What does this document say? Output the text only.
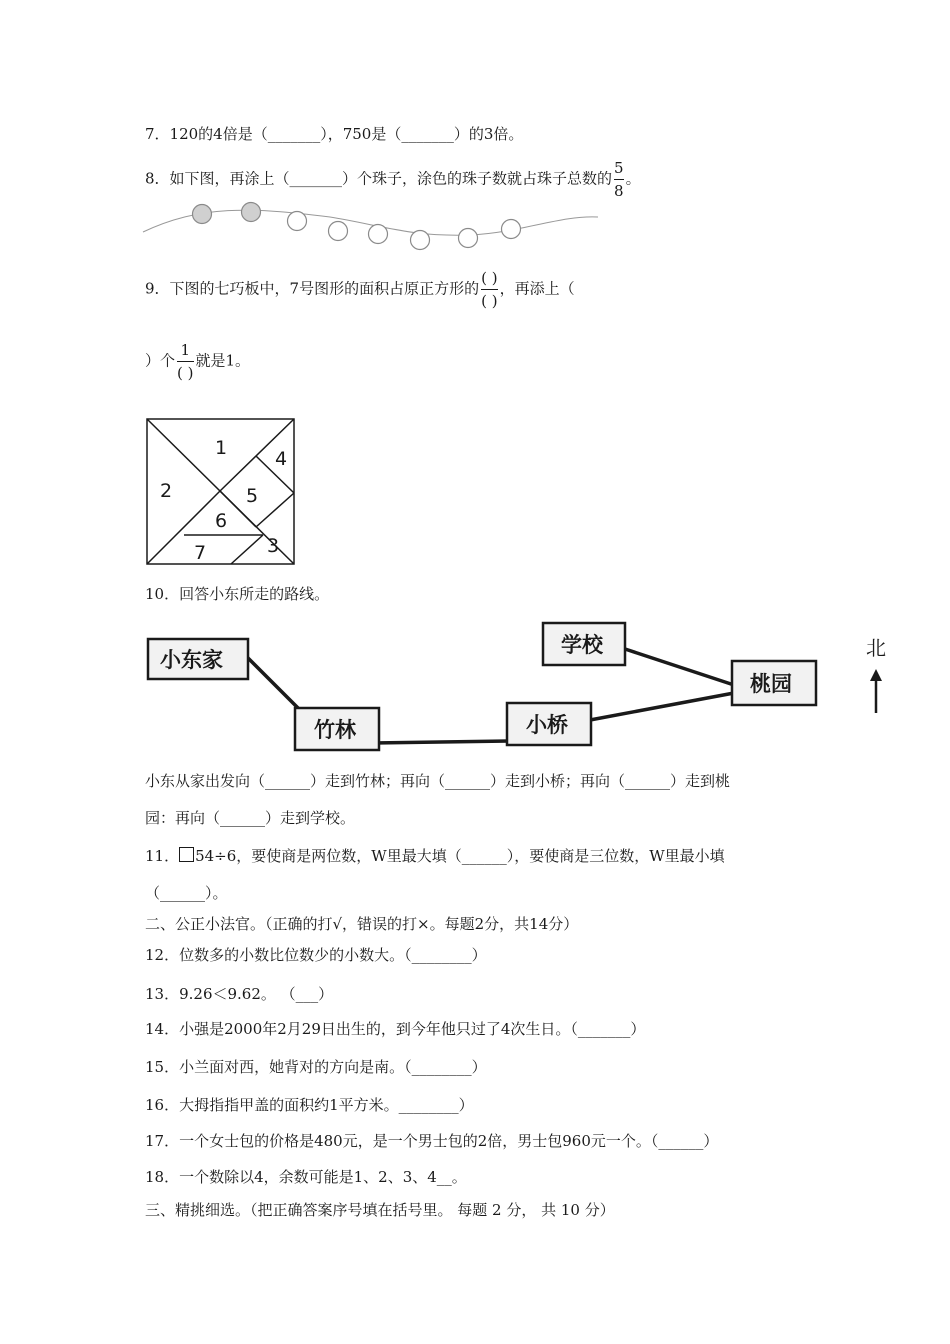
7．120的4倍是（_______），750是（_______）的3倍。
8．如下图，再涂上（_______）个珠子，涂色的珠子数就占珠子总数的 $\frac{5}{8}$ 。
9．下图的七巧板中，7号图形的面积占原正方形的 $\frac{( )}{( )}$ ，再添上（
）个 $\frac{1}{( )}$ 就是1。
1
2
3
4
5
6
7
10．回答小东所走的路线。
小东家
竹林	小桥
学校
桃园
北
小东从家出发向（______）走到竹林；再向（______）走到小桥；再向（______）走到桃
园：再向（______）走到学校。
11． 54÷6，要使商是两位数，W里最大填（______），要使商是三位数，W里最小填
（______）。
二、公正小法官。（正确的打√，错误的打×。每题2分，共14分）
12．位数多的小数比位数少的小数大。（________）
13．9.26＜9.62。 （___）
14．小强是2000年2月29日出生的，到今年他只过了4次生日。（_______）
15．小兰面对西，她背对的方向是南。（________）
16．大拇指指甲盖的面积约1平方米。________）
17．一个女士包的价格是480元，是一个男士包的2倍，男士包960元一个。（______）
18．一个数除以4，余数可能是1、2、3、4__。
三、精挑细选。（把正确答案序号填在括号里。 每题 2 分， 共 10 分）
